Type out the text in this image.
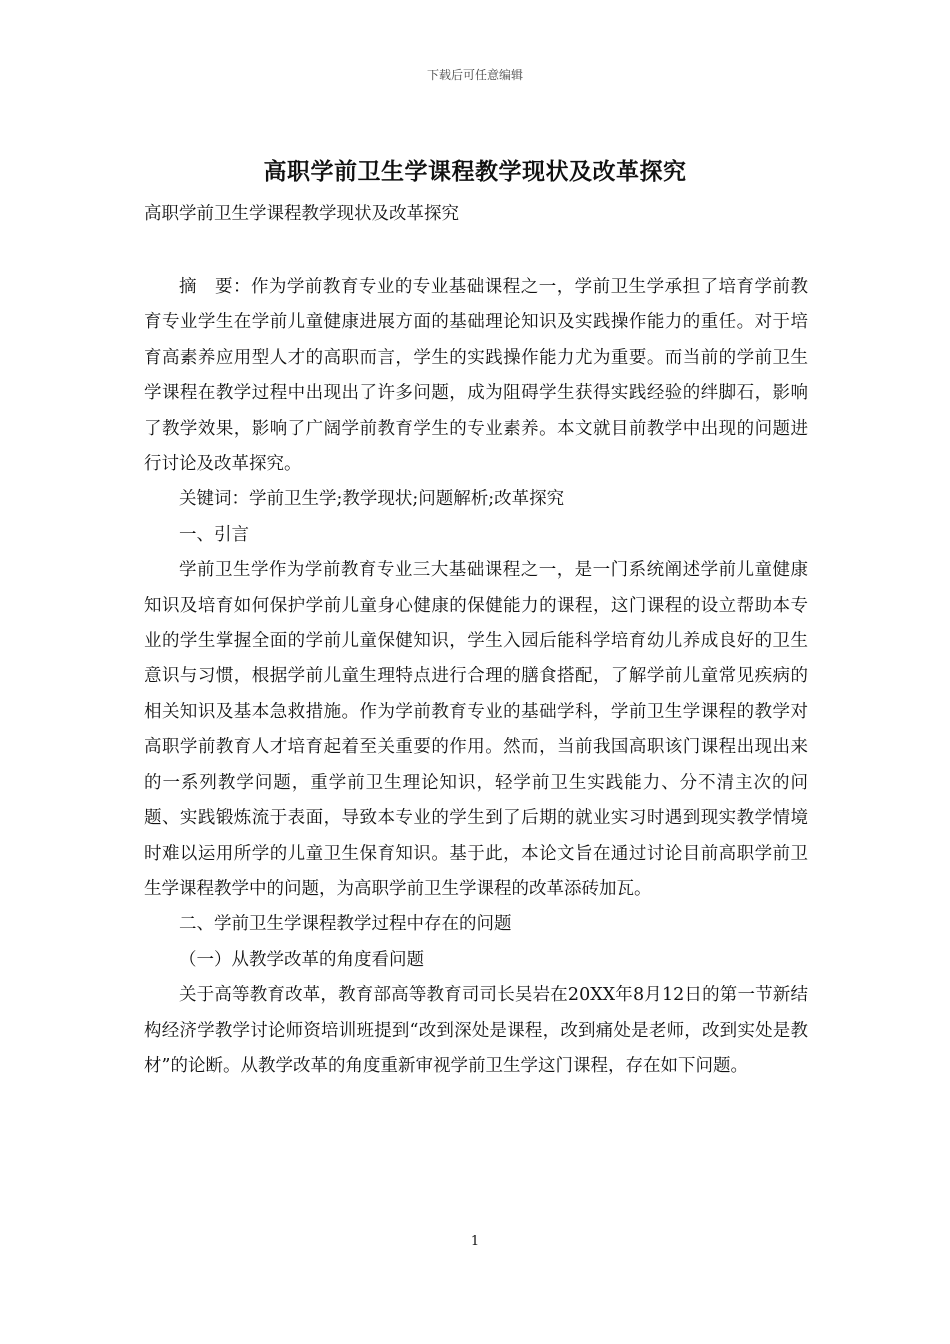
下载后可任意编辑
高职学前卫生学课程教学现状及改革探究
高职学前卫生学课程教学现状及改革探究

摘　要：作为学前教育专业的专业基础课程之一，学前卫生学承担了培育学前教育专业学生在学前儿童健康进展方面的基础理论知识及实践操作能力的重任。对于培育高素养应用型人才的高职而言，学生的实践操作能力尤为重要。而当前的学前卫生学课程在教学过程中出现出了许多问题，成为阻碍学生获得实践经验的绊脚石，影响了教学效果，影响了广阔学前教育学生的专业素养。本文就目前教学中出现的问题进行讨论及改革探究。

关键词：学前卫生学;教学现状;问题解析;改革探究

一、引言

学前卫生学作为学前教育专业三大基础课程之一，是一门系统阐述学前儿童健康知识及培育如何保护学前儿童身心健康的保健能力的课程，这门课程的设立帮助本专业的学生掌握全面的学前儿童保健知识，学生入园后能科学培育幼儿养成良好的卫生意识与习惯，根据学前儿童生理特点进行合理的膳食搭配，了解学前儿童常见疾病的相关知识及基本急救措施。作为学前教育专业的基础学科，学前卫生学课程的教学对高职学前教育人才培育起着至关重要的作用。然而，当前我国高职该门课程出现出来的一系列教学问题，重学前卫生理论知识，轻学前卫生实践能力、分不清主次的问题、实践锻炼流于表面，导致本专业的学生到了后期的就业实习时遇到现实教学情境时难以运用所学的儿童卫生保育知识。基于此，本论文旨在通过讨论目前高职学前卫生学课程教学中的问题，为高职学前卫生学课程的改革添砖加瓦。

二、学前卫生学课程教学过程中存在的问题

（一）从教学改革的角度看问题

关于高等教育改革，教育部高等教育司司长吴岩在20XX年8月12日的第一节新结构经济学教学讨论师资培训班提到“改到深处是课程，改到痛处是老师，改到实处是教材”的论断。从教学改革的角度重新审视学前卫生学这门课程，存在如下问题。

1
